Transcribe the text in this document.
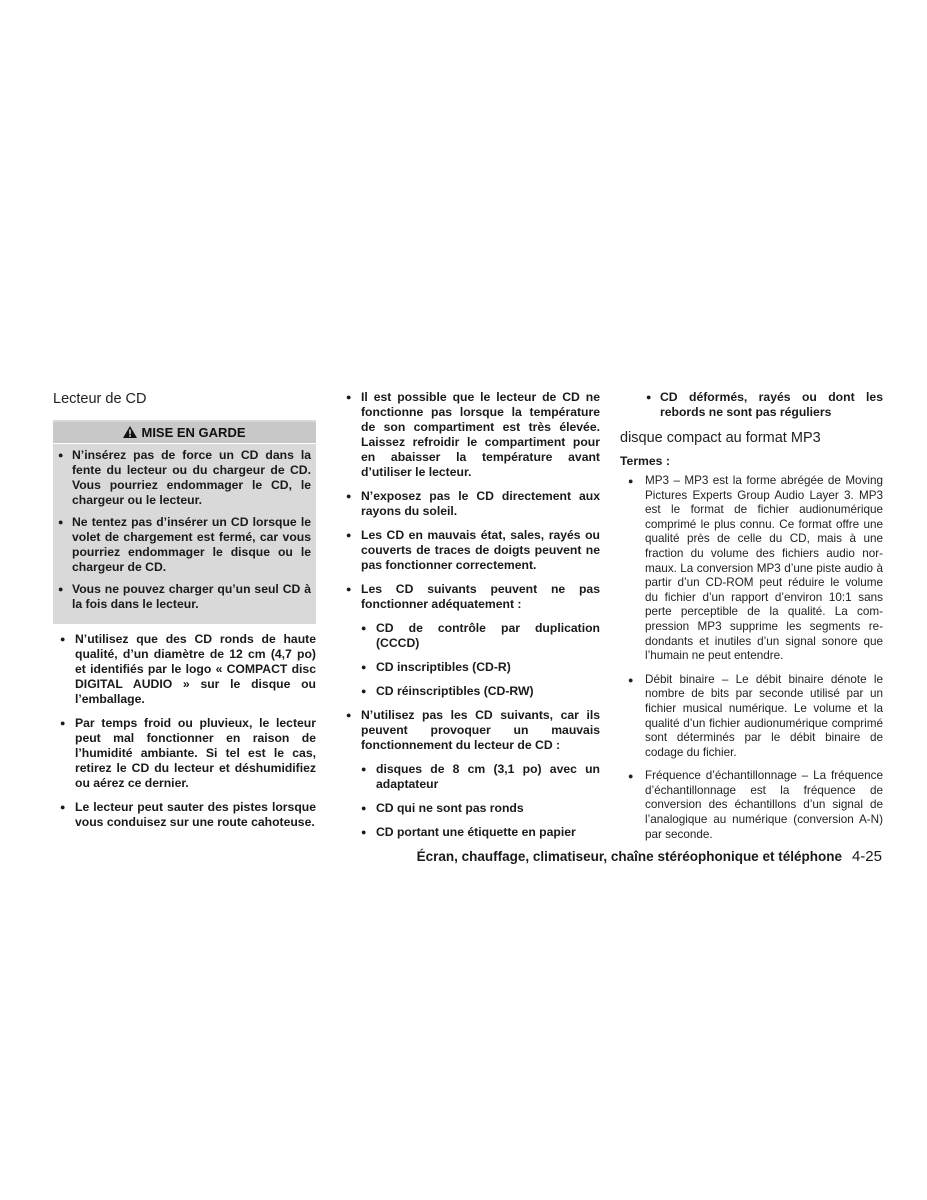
Lecteur de CD
MISE EN GARDE
● N’insérez pas de force un CD dans la fente du lecteur ou du chargeur de CD. Vous pourriez endommager le CD, le chargeur ou le lecteur.
● Ne tentez pas d’insérer un CD lorsque le volet de chargement est fermé, car vous pourriez endommager le disque ou le chargeur de CD.
● Vous ne pouvez charger qu’un seul CD à la fois dans le lecteur.
● N’utilisez que des CD ronds de haute qualité, d’un diamètre de 12 cm (4,7 po) et identifiés par le logo « COMPACT disc DIGITAL AUDIO » sur le disque ou l’emballage.
● Par temps froid ou pluvieux, le lecteur peut mal fonctionner en raison de l’humidité ambiante. Si tel est le cas, retirez le CD du lecteur et déshumidifiez ou aérez ce dernier.
● Le lecteur peut sauter des pistes lorsque vous conduisez sur une route cahoteuse.
● Il est possible que le lecteur de CD ne fonctionne pas lorsque la température de son compartiment est très élevée. Laissez refroidir le compartiment pour en abaisser la température avant d’utiliser le lecteur.
● N’exposez pas le CD directement aux rayons du soleil.
● Les CD en mauvais état, sales, rayés ou couverts de traces de doigts peuvent ne pas fonctionner correctement.
● Les CD suivants peuvent ne pas fonctionner adéquatement :
● CD de contrôle par duplication (CCCD)
● CD inscriptibles (CD-R)
● CD réinscriptibles (CD-RW)
● N’utilisez pas les CD suivants, car ils peuvent provoquer un mauvais fonctionnement du lecteur de CD :
● disques de 8 cm (3,1 po) avec un adaptateur
● CD qui ne sont pas ronds
● CD portant une étiquette en papier
● CD déformés, rayés ou dont les rebords ne sont pas réguliers
disque compact au format MP3
Termes :
● MP3 – MP3 est la forme abrégée de Moving Pictures Experts Group Audio Layer 3. MP3 est le format de fichier audionumérique comprimé le plus connu. Ce format offre une qualité près de celle du CD, mais à une fraction du volume des fichiers audio normaux. La conversion MP3 d’une piste audio à partir d’un CD-ROM peut réduire le volume du fichier d’un rapport d’environ 10:1 sans perte perceptible de la qualité. La compression MP3 supprime les segments redondants et inutiles d’un signal sonore que l’humain ne peut entendre.
● Débit binaire – Le débit binaire dénote le nombre de bits par seconde utilisé par un fichier musical numérique. Le volume et la qualité d’un fichier audionumérique comprimé sont déterminés par le débit binaire de codage du fichier.
● Fréquence d’échantillonnage – La fréquence d’échantillonnage est la fréquence de conversion des échantillons d’un signal de l’analogique au numérique (conversion A-N) par seconde.
Écran, chauffage, climatiseur, chaîne stéréophonique et téléphone 4-25
